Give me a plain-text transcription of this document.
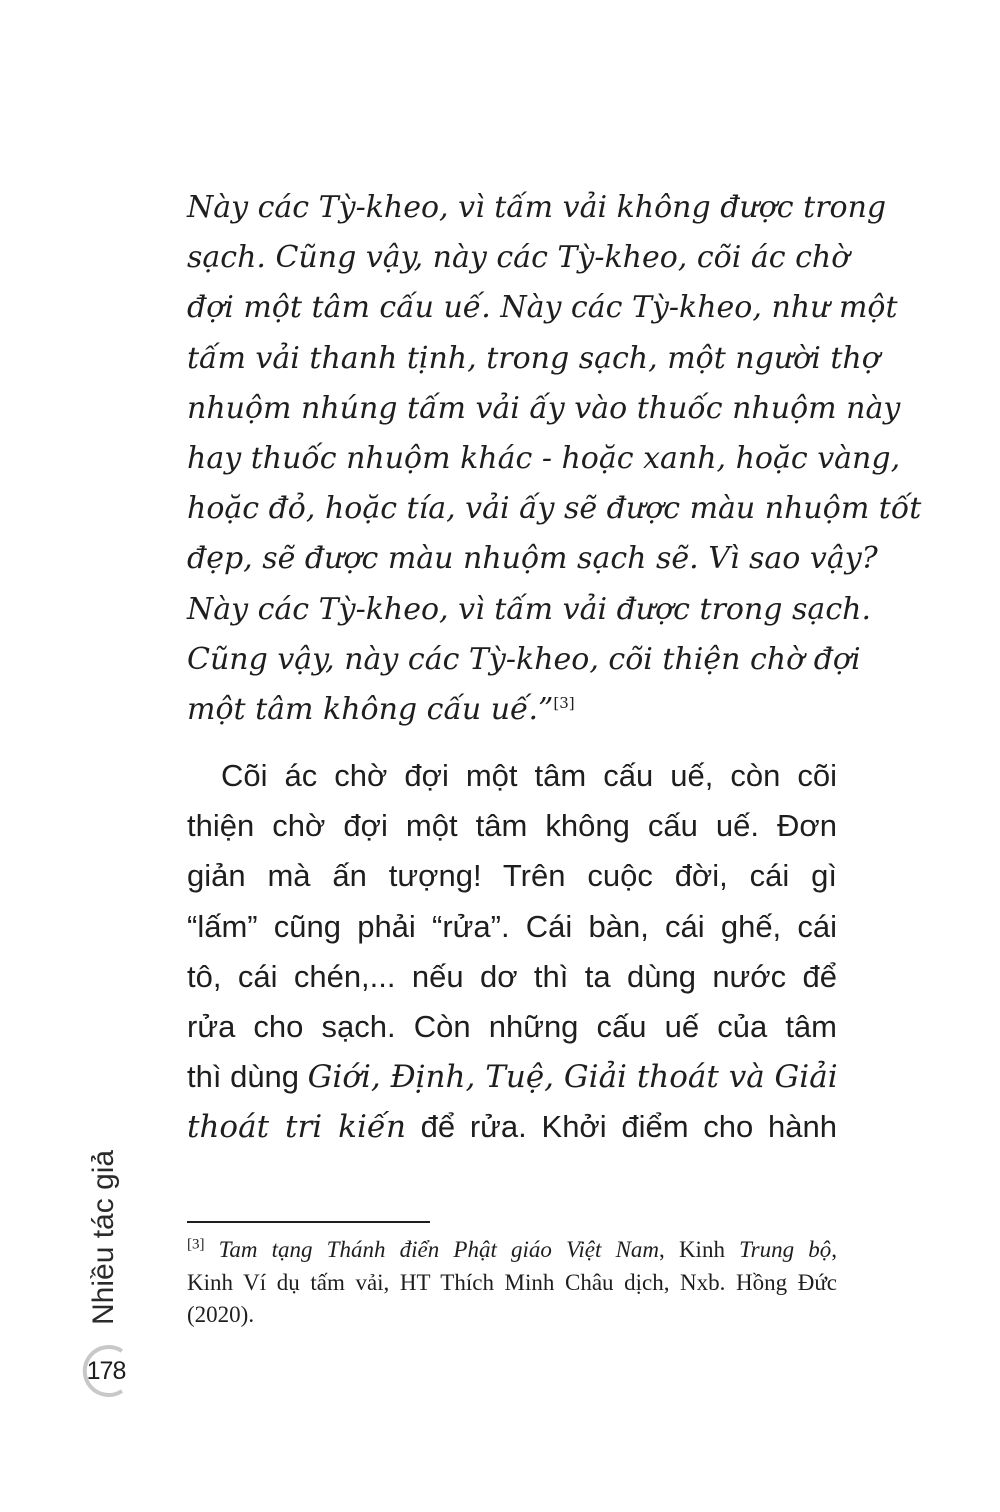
Này các Tỳ-kheo, vì tấm vải không được trong
sạch. Cũng vậy, này các Tỳ-kheo, cõi ác chờ
đợi một tâm cấu uế. Này các Tỳ-kheo, như một
tấm vải thanh tịnh, trong sạch, một người thợ
nhuộm nhúng tấm vải ấy vào thuốc nhuộm này
hay thuốc nhuộm khác - hoặc xanh, hoặc vàng,
hoặc đỏ, hoặc tía, vải ấy sẽ được màu nhuộm tốt
đẹp, sẽ được màu nhuộm sạch sẽ. Vì sao vậy?
Này các Tỳ-kheo, vì tấm vải được trong sạch.
Cũng vậy, này các Tỳ-kheo, cõi thiện chờ đợi
một tâm không cấu uế.”[3]
Cõi ác chờ đợi một tâm cấu uế, còn cõi
thiện chờ đợi một tâm không cấu uế. Đơn
giản mà ấn tượng! Trên cuộc đời, cái gì
“lấm” cũng phải “rửa”. Cái bàn, cái ghế, cái
tô, cái chén,... nếu dơ thì ta dùng nước để
rửa cho sạch. Còn những cấu uế của tâm
thì dùng Giới, Định, Tuệ, Giải thoát và Giải
thoát tri kiến để rửa. Khởi điểm cho hành
[3] Tam tạng Thánh điển Phật giáo Việt Nam, Kinh Trung bộ,
Kinh Ví dụ tấm vải, HT Thích Minh Châu dịch, Nxb. Hồng Đức
(2020).
Nhiều tác giả
178
